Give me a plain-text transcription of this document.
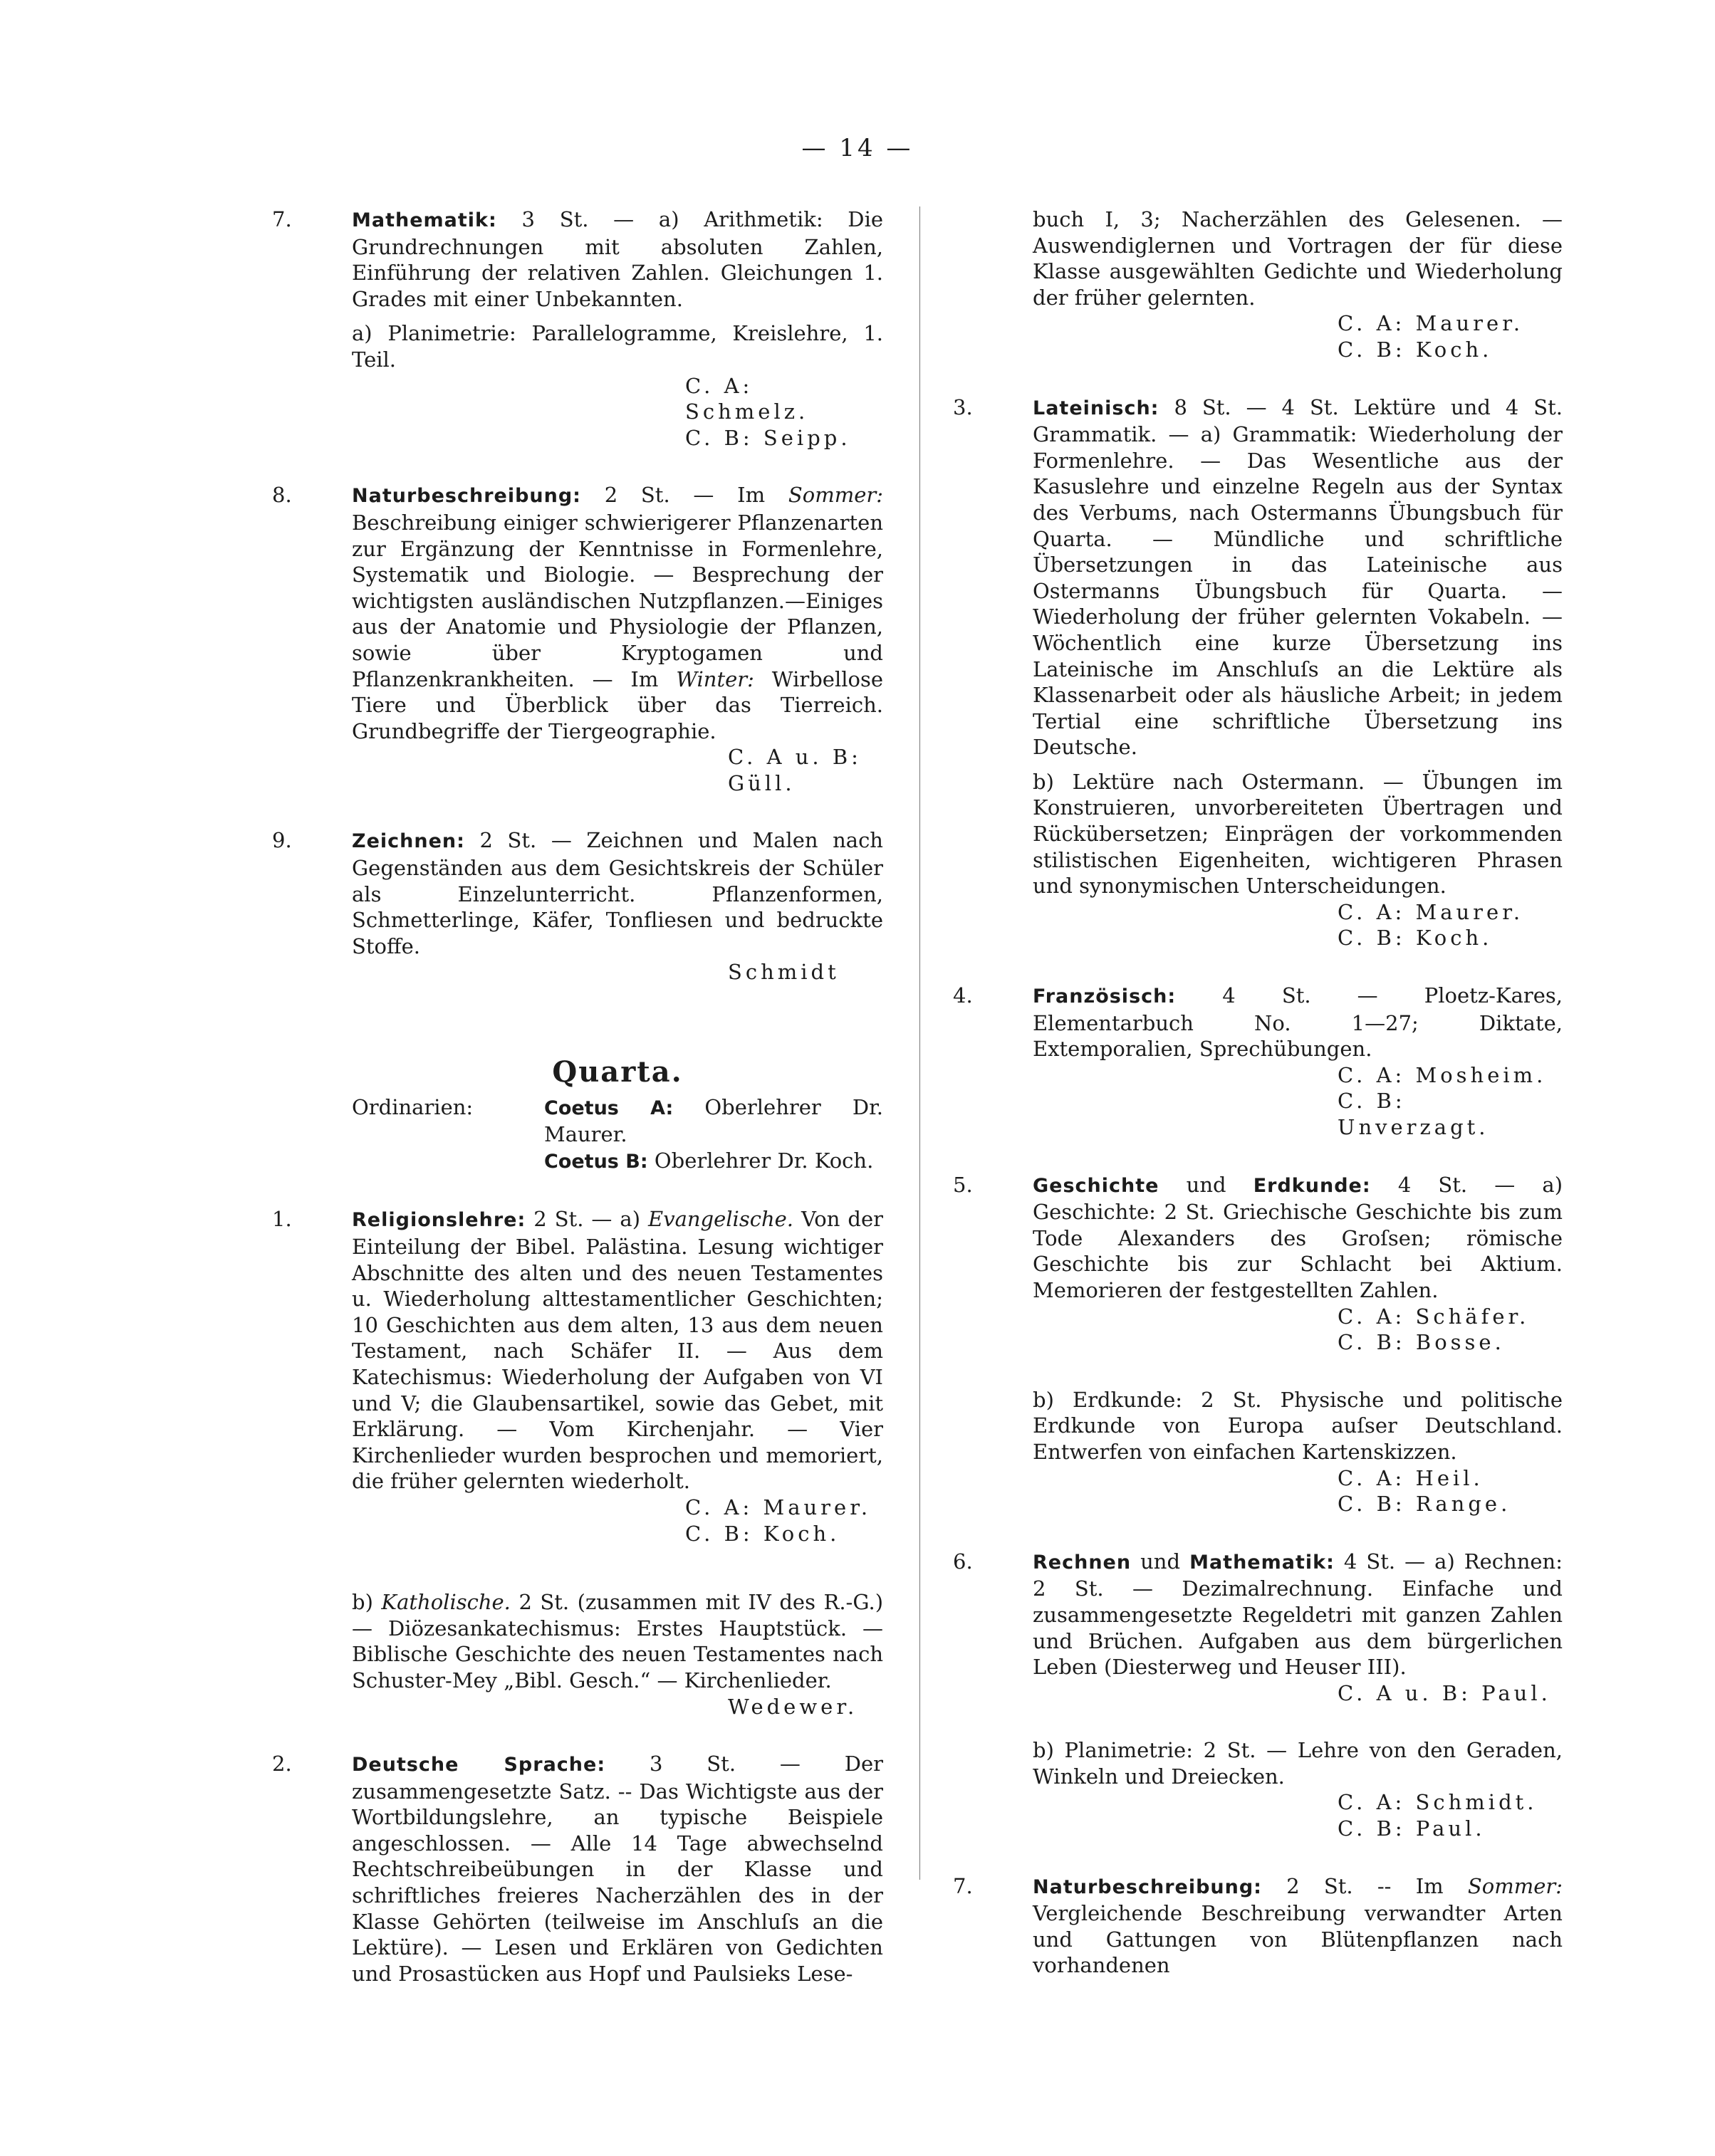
— 14 —
7.	Mathematik: 3 St. — a) Arithmetik: Die Grundrechnungen mit absoluten Zahlen, Einführung der relativen Zahlen. Gleichungen 1. Grades mit einer Unbekannten.
a) Planimetrie: Parallelogramme, Kreislehre, 1. Teil.
C. A: Schmelz.
C. B: Seipp.
8.	Naturbeschreibung: 2 St. — Im Sommer: Beschreibung einiger schwierigerer Pflanzenarten zur Ergänzung der Kenntnisse in Formenlehre, Systematik und Biologie. — Besprechung der wichtigsten ausländischen Nutzpflanzen.—Einiges aus der Anatomie und Physiologie der Pflanzen, sowie über Kryptogamen und Pflanzenkrankheiten. — Im Winter: Wirbellose Tiere und Überblick über das Tierreich. Grundbegriffe der Tiergeographie.
C. A u. B: Güll.
9.	Zeichnen: 2 St. — Zeichnen und Malen nach Gegenständen aus dem Gesichtskreis der Schüler als Einzelunterricht. Pflanzenformen, Schmetterlinge, Käfer, Tonfliesen und bedruckte Stoffe.
Schmidt
Quarta.
Ordinarien:	Coetus A: Oberlehrer Dr. Maurer.
Coetus B: Oberlehrer Dr. Koch.
1.	Religionslehre: 2 St. — a) Evangelische. Von der Einteilung der Bibel. Palästina. Lesung wichtiger Abschnitte des alten und des neuen Testamentes u. Wiederholung alttestamentlicher Geschichten; 10 Geschichten aus dem alten, 13 aus dem neuen Testament, nach Schäfer II. — Aus dem Katechismus: Wiederholung der Aufgaben von VI und V; die Glaubensartikel, sowie das Gebet, mit Erklärung. — Vom Kirchenjahr. — Vier Kirchenlieder wurden besprochen und memoriert, die früher gelernten wiederholt.
C. A: Maurer.
C. B: Koch.
b) Katholische. 2 St. (zusammen mit IV des R.-G.) — Diözesankatechismus: Erstes Hauptstück. — Biblische Geschichte des neuen Testamentes nach Schuster-Mey „Bibl. Gesch.“ — Kirchenlieder.
Wedewer.
2.	Deutsche Sprache: 3 St. — Der zusammengesetzte Satz. -- Das Wichtigste aus der Wortbildungslehre, an typische Beispiele angeschlossen. — Alle 14 Tage abwechselnd Rechtschreibeübungen in der Klasse und schriftliches freieres Nacherzählen des in der Klasse Gehörten (teilweise im Anschluſs an die Lektüre). — Lesen und Erklären von Gedichten und Prosastücken aus Hopf und Paulsieks Lese-
buch I, 3; Nacherzählen des Gelesenen. — Auswendiglernen und Vortragen der für diese Klasse ausgewählten Gedichte und Wiederholung der früher gelernten.
C. A: Maurer.
C. B: Koch.
3.	Lateinisch: 8 St. — 4 St. Lektüre und 4 St. Grammatik. — a) Grammatik: Wiederholung der Formenlehre. — Das Wesentliche aus der Kasuslehre und einzelne Regeln aus der Syntax des Verbums, nach Ostermanns Übungsbuch für Quarta. — Mündliche und schriftliche Übersetzungen in das Lateinische aus Ostermanns Übungsbuch für Quarta. — Wiederholung der früher gelernten Vokabeln. — Wöchentlich eine kurze Übersetzung ins Lateinische im Anschluſs an die Lektüre als Klassenarbeit oder als häusliche Arbeit; in jedem Tertial eine schriftliche Übersetzung ins Deutsche.
b) Lektüre nach Ostermann. — Übungen im Konstruieren, unvorbereiteten Übertragen und Rückübersetzen; Einprägen der vorkommenden stilistischen Eigenheiten, wichtigeren Phrasen und synonymischen Unterscheidungen.
C. A: Maurer.
C. B: Koch.
4.	Französisch: 4 St. — Ploetz-Kares, Elementarbuch No. 1—27; Diktate, Extemporalien, Sprechübungen.
C. A: Mosheim.
C. B: Unverzagt.
5.	Geschichte und Erdkunde: 4 St. — a) Geschichte: 2 St. Griechische Geschichte bis zum Tode Alexanders des Groſsen; römische Geschichte bis zur Schlacht bei Aktium. Memorieren der festgestellten Zahlen.
C. A: Schäfer.
C. B: Bosse.
b) Erdkunde: 2 St. Physische und politische Erdkunde von Europa auſser Deutschland. Entwerfen von einfachen Kartenskizzen.
C. A: Heil.
C. B: Range.
6.	Rechnen und Mathematik: 4 St. — a) Rechnen: 2 St. — Dezimalrechnung. Einfache und zusammengesetzte Regeldetri mit ganzen Zahlen und Brüchen. Aufgaben aus dem bürgerlichen Leben (Diesterweg und Heuser III).
C. A u. B: Paul.
b) Planimetrie: 2 St. — Lehre von den Geraden, Winkeln und Dreiecken.
C. A: Schmidt.
C. B: Paul.
7.	Naturbeschreibung: 2 St. -- Im Sommer: Vergleichende Beschreibung verwandter Arten und Gattungen von Blütenpflanzen nach vorhandenen
